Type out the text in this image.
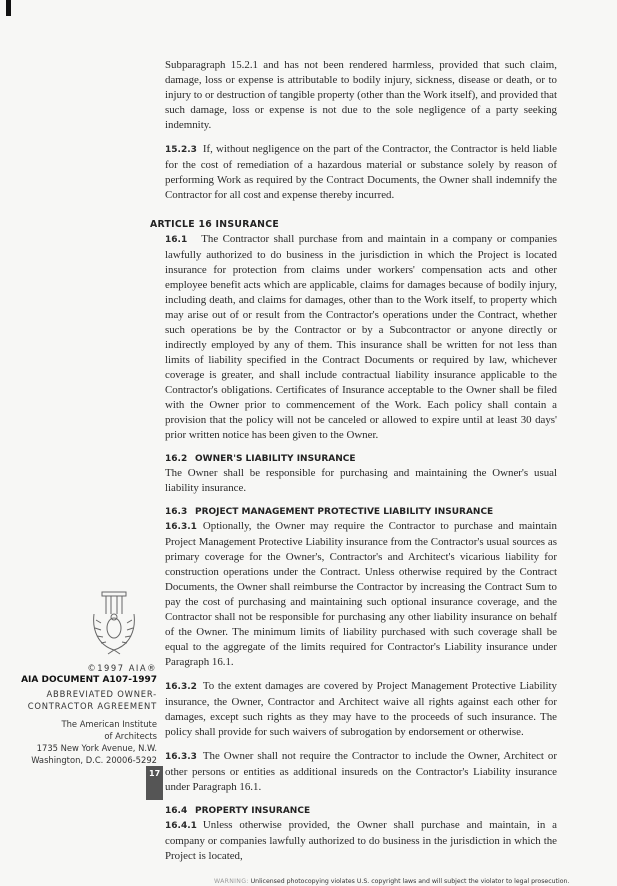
Subparagraph 15.2.1 and has not been rendered harmless, provided that such claim, damage, loss or expense is attributable to bodily injury, sickness, disease or death, or to injury to or destruction of tangible property (other than the Work itself), and provided that such damage, loss or expense is not due to the sole negligence of a party seeking indemnity.
15.2.3 If, without negligence on the part of the Contractor, the Contractor is held liable for the cost of remediation of a hazardous material or substance solely by reason of performing Work as required by the Contract Documents, the Owner shall indemnify the Contractor for all cost and expense thereby incurred.
ARTICLE 16 INSURANCE
16.1 The Contractor shall purchase from and maintain in a company or companies lawfully authorized to do business in the jurisdiction in which the Project is located insurance for protection from claims under workers' compensation acts and other employee benefit acts which are applicable, claims for damages because of bodily injury, including death, and claims for damages, other than to the Work itself, to property which may arise out of or result from the Contractor's operations under the Contract, whether such operations be by the Contractor or by a Subcontractor or anyone directly or indirectly employed by any of them. This insurance shall be written for not less than limits of liability specified in the Contract Documents or required by law, whichever coverage is greater, and shall include contractual liability insurance applicable to the Contractor's obligations. Certificates of Insurance acceptable to the Owner shall be filed with the Owner prior to commencement of the Work. Each policy shall contain a provision that the policy will not be canceled or allowed to expire until at least 30 days' prior written notice has been given to the Owner.
16.2 OWNER'S LIABILITY INSURANCE
The Owner shall be responsible for purchasing and maintaining the Owner's usual liability insurance.
16.3 PROJECT MANAGEMENT PROTECTIVE LIABILITY INSURANCE
16.3.1 Optionally, the Owner may require the Contractor to purchase and maintain Project Management Protective Liability insurance from the Contractor's usual sources as primary coverage for the Owner's, Contractor's and Architect's vicarious liability for construction operations under the Contract. Unless otherwise required by the Contract Documents, the Owner shall reimburse the Contractor by increasing the Contract Sum to pay the cost of purchasing and maintaining such optional insurance coverage, and the Contractor shall not be responsible for purchasing any other liability insurance on behalf of the Owner. The minimum limits of liability purchased with such coverage shall be equal to the aggregate of the limits required for Contractor's Liability insurance under Paragraph 16.1.
16.3.2 To the extent damages are covered by Project Management Protective Liability insurance, the Owner, Contractor and Architect waive all rights against each other for damages, except such rights as they may have to the proceeds of such insurance. The policy shall provide for such waivers of subrogation by endorsement or otherwise.
16.3.3 The Owner shall not require the Contractor to include the Owner, Architect or other persons or entities as additional insureds on the Contractor's Liability insurance under Paragraph 16.1.
16.4 PROPERTY INSURANCE
16.4.1 Unless otherwise provided, the Owner shall purchase and maintain, in a company or companies lawfully authorized to do business in the jurisdiction in which the Project is located,
WARNING: Unlicensed photocopying violates U.S. copyright laws and will subject the violator to legal prosecution.
©1997 AIA®
AIA DOCUMENT A107-1997
ABBREVIATED OWNER-
CONTRACTOR AGREEMENT
The American Institute
of Architects
1735 New York Avenue, N.W.
Washington, D.C. 20006-5292
17
